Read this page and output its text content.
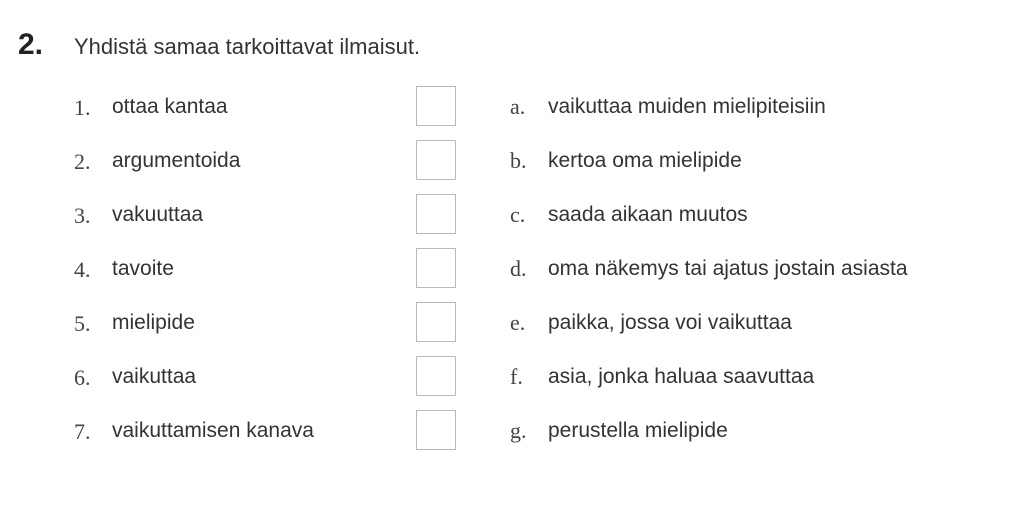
2. Yhdistä samaa tarkoittavat ilmaisut.
1. ottaa kantaa	a. vaikuttaa muiden mielipiteisiin
2. argumentoida	b. kertoa oma mielipide
3. vakuuttaa	c. saada aikaan muutos
4. tavoite	d. oma näkemys tai ajatus jostain asiasta
5. mielipide	e. paikka, jossa voi vaikuttaa
6. vaikuttaa	f. asia, jonka haluaa saavuttaa
7. vaikuttamisen kanava	g. perustella mielipide
